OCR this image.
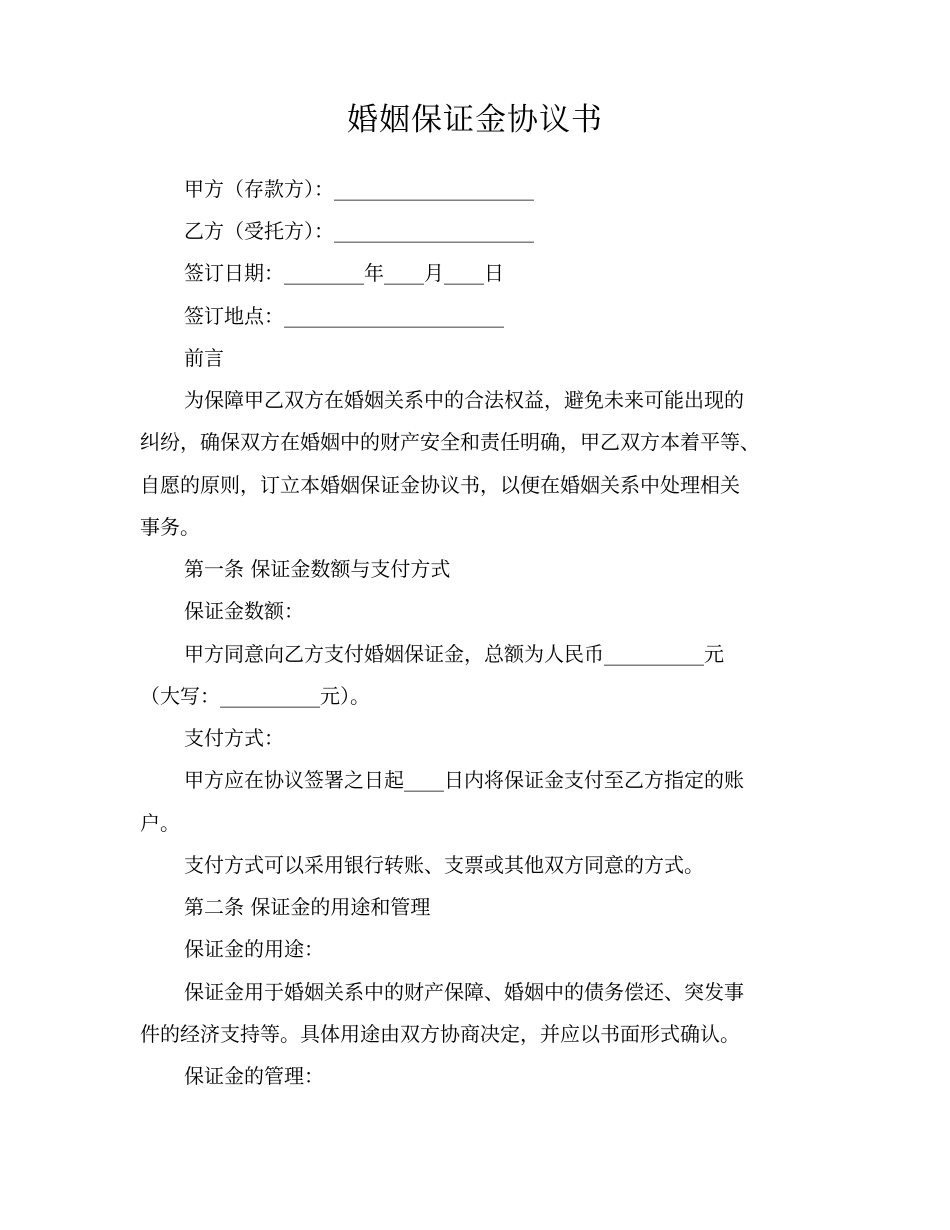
婚姻保证金协议书
甲方（存款方）：____________________
乙方（受托方）：____________________
签订日期：________年____月____日
签订地点：______________________
前言
为保障甲乙双方在婚姻关系中的合法权益，避免未来可能出现的
纠纷，确保双方在婚姻中的财产安全和责任明确，甲乙双方本着平等、
自愿的原则，订立本婚姻保证金协议书，以便在婚姻关系中处理相关
事务。
第一条 保证金数额与支付方式
保证金数额：
甲方同意向乙方支付婚姻保证金，总额为人民币__________元
（大写：__________元）。
支付方式：
甲方应在协议签署之日起____日内将保证金支付至乙方指定的账
户。
支付方式可以采用银行转账、支票或其他双方同意的方式。
第二条 保证金的用途和管理
保证金的用途：
保证金用于婚姻关系中的财产保障、婚姻中的债务偿还、突发事
件的经济支持等。具体用途由双方协商决定，并应以书面形式确认。
保证金的管理：
